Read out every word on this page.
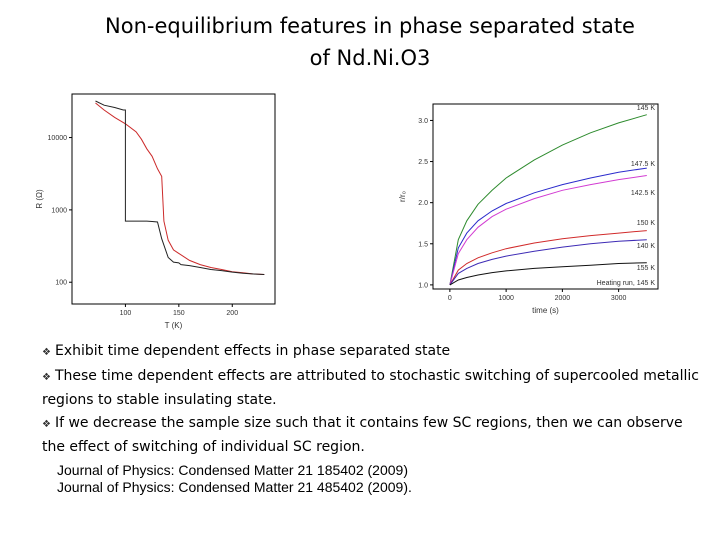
Non-equilibrium features in phase separated state
of Nd.Ni.O3
100	150	200
100
1000
10000
T (K)
R (Ω)
0	1000	2000	3000
1.0
1.5
2.0
2.5
3.0
time (s)
r/r₀
145 K
147.5 K
142.5 K
150 K
140 K
155 K
Heating run, 145 K
❖ Exhibit time dependent effects in phase separated state
❖ These time dependent effects are attributed to stochastic switching of supercooled metallic regions to stable insulating state.
❖ If we decrease the sample size such that it contains few SC regions, then we can observe the effect of switching of individual SC region.
Journal of Physics: Condensed Matter 21 185402 (2009)
Journal of Physics: Condensed Matter 21 485402 (2009).
